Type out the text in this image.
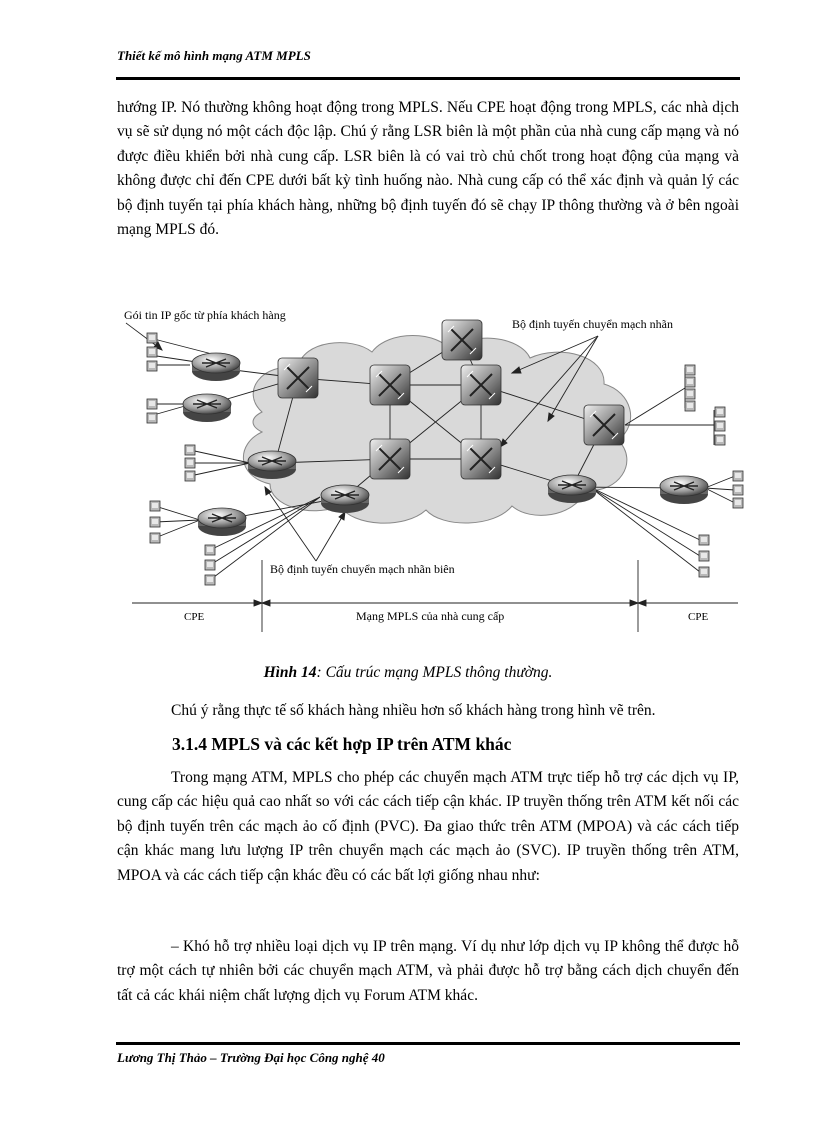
Thiết kế mô hình mạng ATM MPLS

hướng IP. Nó thường không hoạt động trong MPLS. Nếu CPE hoạt động trong MPLS, các nhà dịch vụ sẽ sử dụng nó một cách độc lập. Chú ý rằng LSR biên là một phần của nhà cung cấp mạng và nó được điều khiển bởi nhà cung cấp. LSR biên là có vai trò chủ chốt trong hoạt động của mạng và không được chỉ đến CPE dưới bất kỳ tình huống nào. Nhà cung cấp có thể xác định và quản lý các bộ định tuyến tại phía khách hàng, những bộ định tuyến đó sẽ chạy IP thông thường và ở bên ngoài mạng MPLS đó.

Gói tin IP gốc từ phía khách hàng
Bộ định tuyến chuyển mạch nhãn
Bộ định tuyến chuyển mạch nhãn biên
CPE	Mạng MPLS của nhà cung cấp	CPE
Hình 14: Cấu trúc mạng MPLS thông thường.

Chú ý rằng thực tế số khách hàng nhiều hơn số khách hàng trong hình vẽ trên.

3.1.4 MPLS và các kết hợp IP trên ATM khác

Trong mạng ATM, MPLS cho phép các chuyển mạch ATM trực tiếp hỗ trợ các dịch vụ IP, cung cấp các hiệu quả cao nhất so với các cách tiếp cận khác. IP truyền thống trên ATM kết nối các bộ định tuyến trên các mạch ảo cố định (PVC). Đa giao thức trên ATM (MPOA) và các cách tiếp cận khác mang lưu lượng IP trên chuyển mạch các mạch ảo (SVC). IP truyền thống trên ATM, MPOA và các cách tiếp cận khác đều có các bất lợi giống nhau như:

– Khó hỗ trợ nhiều loại dịch vụ IP trên mạng. Ví dụ như lớp dịch vụ IP không thể được hỗ trợ một cách tự nhiên bởi các chuyển mạch ATM, và phải được hỗ trợ bằng cách dịch chuyển đến tất cả các khái niệm chất lượng dịch vụ Forum ATM khác.

Lương Thị Thảo – Trường Đại học Công nghệ 40
